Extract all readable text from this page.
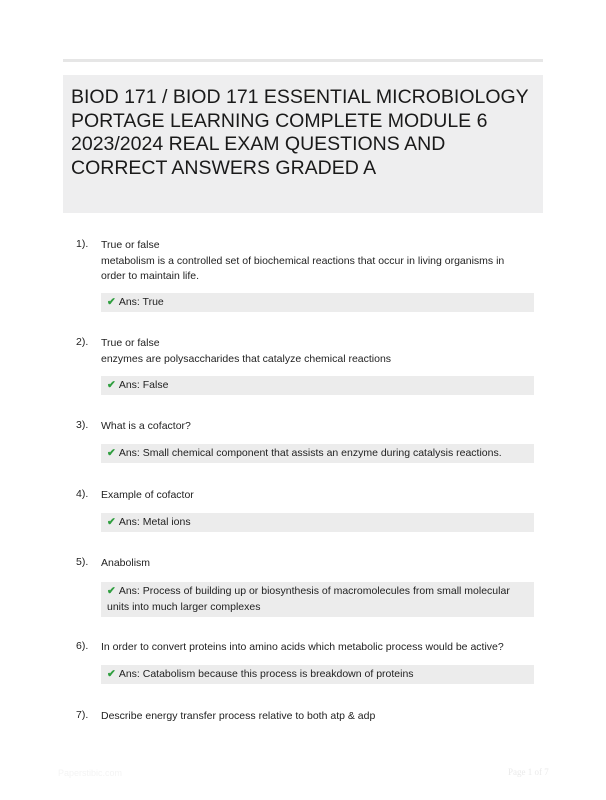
BIOD 171 / BIOD 171 ESSENTIAL MICROBIOLOGY PORTAGE LEARNING COMPLETE MODULE 6 2023/2024 REAL EXAM QUESTIONS AND CORRECT ANSWERS GRADED A
1). True or false
metabolism is a controlled set of biochemical reactions that occur in living organisms in order to maintain life.
✔ Ans: True
2). True or false
enzymes are polysaccharides that catalyze chemical reactions
✔ Ans: False
3). What is a cofactor?
✔ Ans: Small chemical component that assists an enzyme during catalysis reactions.
4). Example of cofactor
✔ Ans: Metal ions
5). Anabolism
✔ Ans: Process of building up or biosynthesis of macromolecules from small molecular units into much larger complexes
6). In order to convert proteins into amino acids which metabolic process would be active?
✔ Ans: Catabolism because this process is breakdown of proteins
7). Describe energy transfer process relative to both atp & adp
Paperstibic.com	Page 1 of 7
